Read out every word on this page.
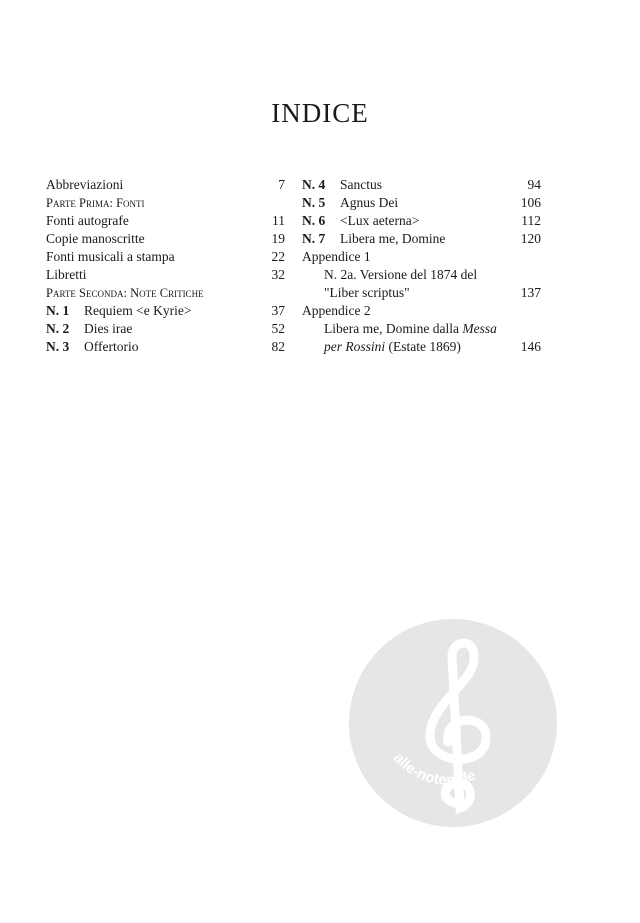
INDICE
Abbreviazioni	7
Parte Prima: Fonti
Fonti autografe	11
Copie manoscritte	19
Fonti musicali a stampa	22
Libretti	32
Parte Seconda: Note Critiche
N. 1	Requiem <e Kyrie>	37
N. 2	Dies irae	52
N. 3	Offertorio	82
N. 4	Sanctus	94
N. 5	Agnus Dei	106
N. 6	<Lux aeterna>	112
N. 7	Libera me, Domine	120
Appendice 1
N. 2a. Versione del 1874 del
"Liber scriptus"	137
Appendice 2
Libera me, Domine dalla Messa
per Rossini (Estate 1869)	146
alle-noten.de
